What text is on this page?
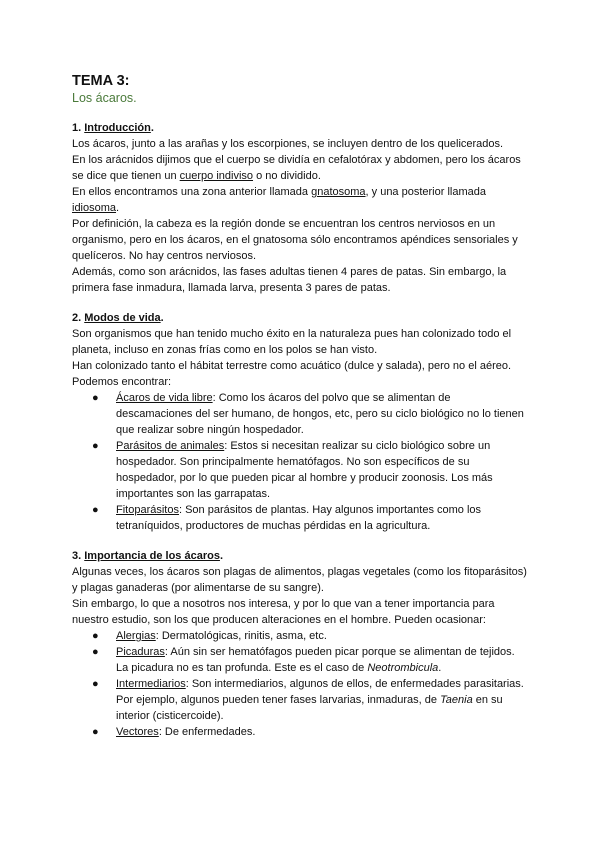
TEMA 3:
Los ácaros.
1. Introducción.

Los ácaros, junto a las arañas y los escorpiones, se incluyen dentro de los quelicerados.

En los arácnidos dijimos que el cuerpo se dividía en cefalotórax y abdomen, pero los ácaros se dice que tienen un cuerpo indiviso o no dividido.

En ellos encontramos una zona anterior llamada gnatosoma, y una posterior llamada idiosoma.

Por definición, la cabeza es la región donde se encuentran los centros nerviosos en un organismo, pero en los ácaros, en el gnatosoma sólo encontramos apéndices sensoriales y quelíceros. No hay centros nerviosos.

Además, como son arácnidos, las fases adultas tienen 4 pares de patas. Sin embargo, la primera fase inmadura, llamada larva, presenta 3 pares de patas.

2. Modos de vida.

Son organismos que han tenido mucho éxito en la naturaleza pues han colonizado todo el planeta, incluso en zonas frías como en los polos se han visto.

Han colonizado tanto el hábitat terrestre como acuático (dulce y salada), pero no el aéreo. Podemos encontrar:

● Ácaros de vida libre: Como los ácaros del polvo que se alimentan de descamaciones del ser humano, de hongos, etc, pero su ciclo biológico no lo tienen que realizar sobre ningún hospedador.
● Parásitos de animales: Estos si necesitan realizar su ciclo biológico sobre un hospedador. Son principalmente hematófagos. No son específicos de su hospedador, por lo que pueden picar al hombre y producir zoonosis. Los más importantes son las garrapatas.
● Fitoparásitos: Son parásitos de plantas. Hay algunos importantes como los tetraníquidos, productores de muchas pérdidas en la agricultura.
3. Importancia de los ácaros.

Algunas veces, los ácaros son plagas de alimentos, plagas vegetales (como los fitoparásitos) y plagas ganaderas (por alimentarse de su sangre).

Sin embargo, lo que a nosotros nos interesa, y por lo que van a tener importancia para nuestro estudio, son los que producen alteraciones en el hombre. Pueden ocasionar:

● Alergias: Dermatológicas, rinitis, asma, etc.
● Picaduras: Aún sin ser hematófagos pueden picar porque se alimentan de tejidos. La picadura no es tan profunda. Este es el caso de Neotrombicula.
● Intermediarios: Son intermediarios, algunos de ellos, de enfermedades parasitarias. Por ejemplo, algunos pueden tener fases larvarias, inmaduras, de Taenia en su interior (cisticercoide).
● Vectores: De enfermedades.
